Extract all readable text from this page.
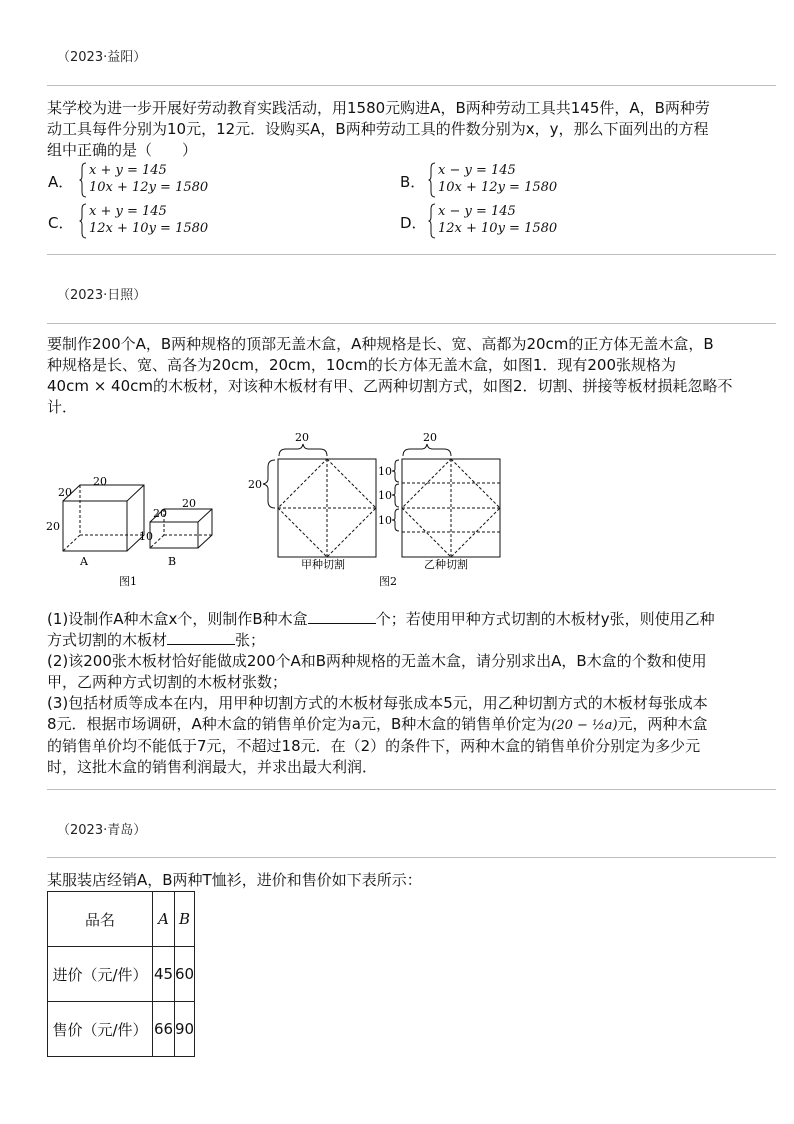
（2023·益阳）
某学校为进一步开展好劳动教育实践活动，用1580元购进A，B两种劳动工具共145件，A，B两种劳
动工具每件分别为10元，12元．设购买A，B两种劳动工具的件数分别为x，y，那么下面列出的方程
组中正确的是（　　）
A．
x + y = 145
10x + 12y = 1580	B．
x − y = 145
10x + 12y = 1580
C．
x + y = 145
12x + 10y = 1580	D．
x − y = 145
12x + 10y = 1580
（2023·日照）
要制作200个A，B两种规格的顶部无盖木盒，A种规格是长、宽、高都为20cm的正方体无盖木盒，B
种规格是长、宽、高各为20cm，20cm，10cm的长方体无盖木盒，如图1．现有200张规格为
40cm × 40cm的木板材，对该种木板材有甲、乙两种切割方式，如图2．切割、拼接等板材损耗忽略不
计．
20
20
20
A
20
20
10
B
图1
20
20
甲种切割
20
10
10
10
乙种切割
图2
(1)设制作A种木盒x个，则制作B种木盒	个；若使用甲种方式切割的木板材y张，则使用乙种
方式切割的木板材	张；
(2)该200张木板材恰好能做成200个A和B两种规格的无盖木盒，请分别求出A，B木盒的个数和使用
甲，乙两种方式切割的木板材张数；
(3)包括材质等成本在内，用甲种切割方式的木板材每张成本5元，用乙种切割方式的木板材每张成本
8元．根据市场调研，A种木盒的销售单价定为a元，B种木盒的销售单价定为(20 − ½a)元，两种木盒
的销售单价均不能低于7元，不超过18元．在（2）的条件下，两种木盒的销售单价分别定为多少元
时，这批木盒的销售利润最大，并求出最大利润．
（2023·青岛）
某服装店经销A，B两种T恤衫，进价和售价如下表所示：
品名	A	B
进价（元/件）	45	60
售价（元/件）	66	90
